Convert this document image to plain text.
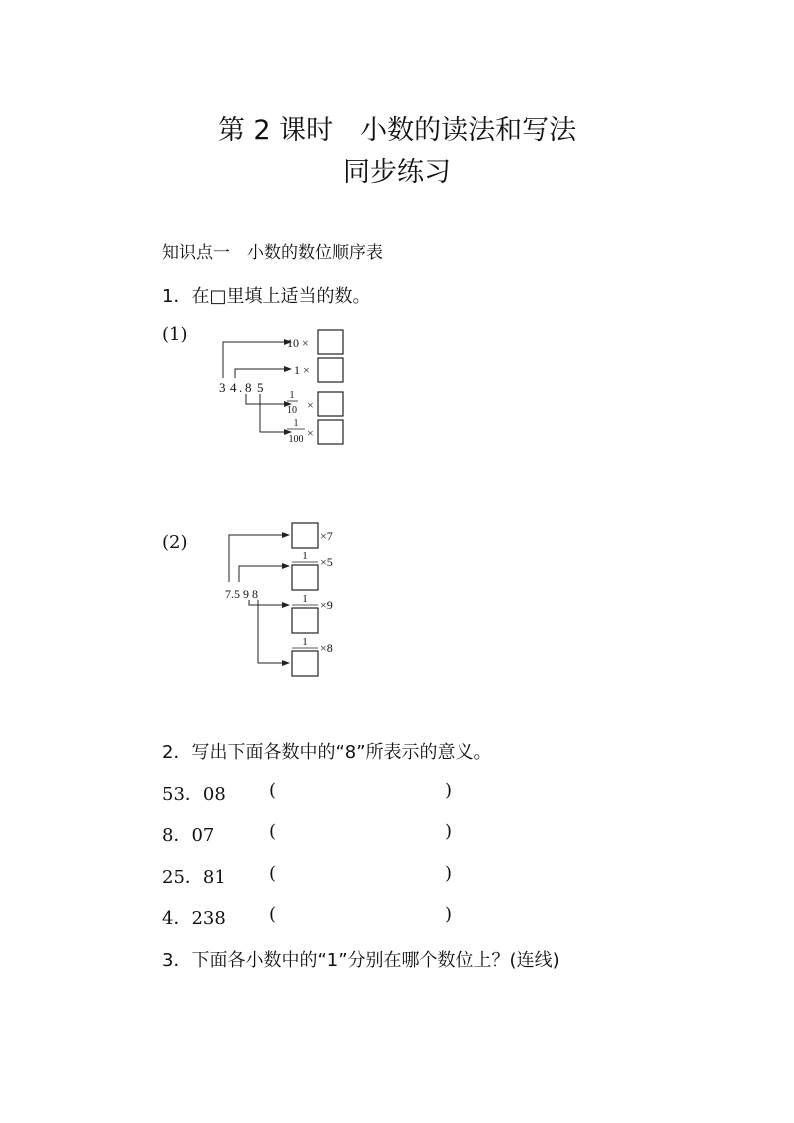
第 2 课时　小数的读法和写法
同步练习
知识点一　小数的数位顺序表
1．在□里填上适当的数。
(1)
3 4 . 8 5
10 ×
1 ×
1
10 ×
1
100 ×
(2)
7.5 9 8
×7
1 ×5
1 ×9
1 ×8
2．写出下面各数中的“8”所表示的意义。
53．08 (	)
8．07	(	)
25．81 (	)
4．238 (	)
3．下面各小数中的“1”分别在哪个数位上？(连线)
